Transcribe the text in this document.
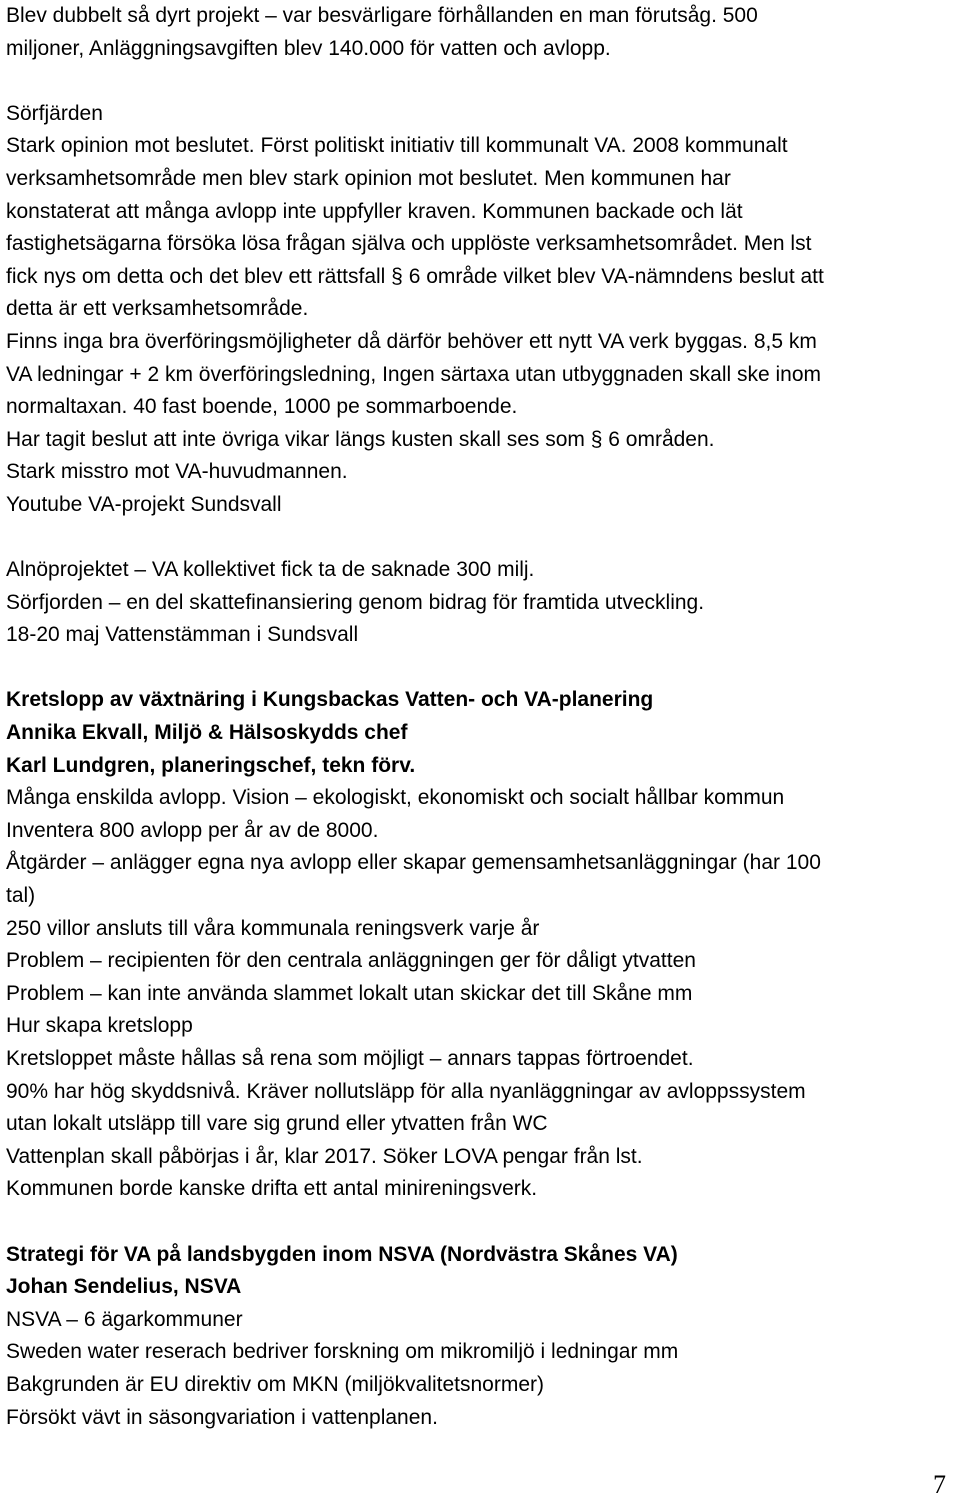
Blev dubbelt så dyrt projekt – var besvärligare förhållanden en man förutsåg. 500
miljoner, Anläggningsavgiften blev 140.000 för vatten och avlopp.
Sörfjärden
Stark opinion mot beslutet. Först politiskt initiativ till kommunalt VA. 2008 kommunalt
verksamhetsområde men blev stark opinion mot beslutet. Men kommunen har
konstaterat att många avlopp inte uppfyller kraven. Kommunen backade och lät
fastighetsägarna försöka lösa frågan själva och upplöste verksamhetsområdet. Men lst
fick nys om detta och det blev ett rättsfall § 6 område vilket blev VA-nämndens beslut att
detta är ett verksamhetsområde.
Finns inga bra överföringsmöjligheter då därför behöver ett nytt VA verk byggas. 8,5 km
VA ledningar + 2 km överföringsledning, Ingen särtaxa utan utbyggnaden skall ske inom
normaltaxan. 40 fast boende, 1000 pe sommarboende.
Har tagit beslut att inte övriga vikar längs kusten skall ses som § 6 områden.
Stark misstro mot VA-huvudmannen.
Youtube VA-projekt Sundsvall
Alnöprojektet – VA kollektivet fick ta de saknade 300 milj.
Sörfjorden – en del skattefinansiering genom bidrag för framtida utveckling.
18-20 maj Vattenstämman i Sundsvall
Kretslopp av växtnäring i Kungsbackas Vatten- och VA-planering
Annika Ekvall, Miljö & Hälsoskydds chef
Karl Lundgren, planeringschef, tekn förv.
Många enskilda avlopp. Vision – ekologiskt, ekonomiskt och socialt hållbar kommun
Inventera 800 avlopp per år av de 8000.
Åtgärder – anlägger egna nya avlopp eller skapar gemensamhetsanläggningar (har 100
tal)
250 villor ansluts till våra kommunala reningsverk varje år
Problem – recipienten för den centrala anläggningen ger för dåligt ytvatten
Problem – kan inte använda slammet lokalt utan skickar det till Skåne mm
Hur skapa kretslopp
Kretsloppet måste hållas så rena som möjligt – annars tappas förtroendet.
90% har hög skyddsnivå. Kräver nollutsläpp för alla nyanläggningar av avloppssystem
utan lokalt utsläpp till vare sig grund eller ytvatten från WC
Vattenplan skall påbörjas i år, klar 2017. Söker LOVA pengar från lst.
Kommunen borde kanske drifta ett antal minireningsverk.
Strategi för VA på landsbygden inom NSVA (Nordvästra Skånes VA)
Johan Sendelius, NSVA
NSVA – 6 ägarkommuner
Sweden water reserach bedriver forskning om mikromiljö i ledningar mm
Bakgrunden är EU direktiv om MKN (miljökvalitetsnormer)
Försökt vävt in säsongvariation i vattenplanen.
7
